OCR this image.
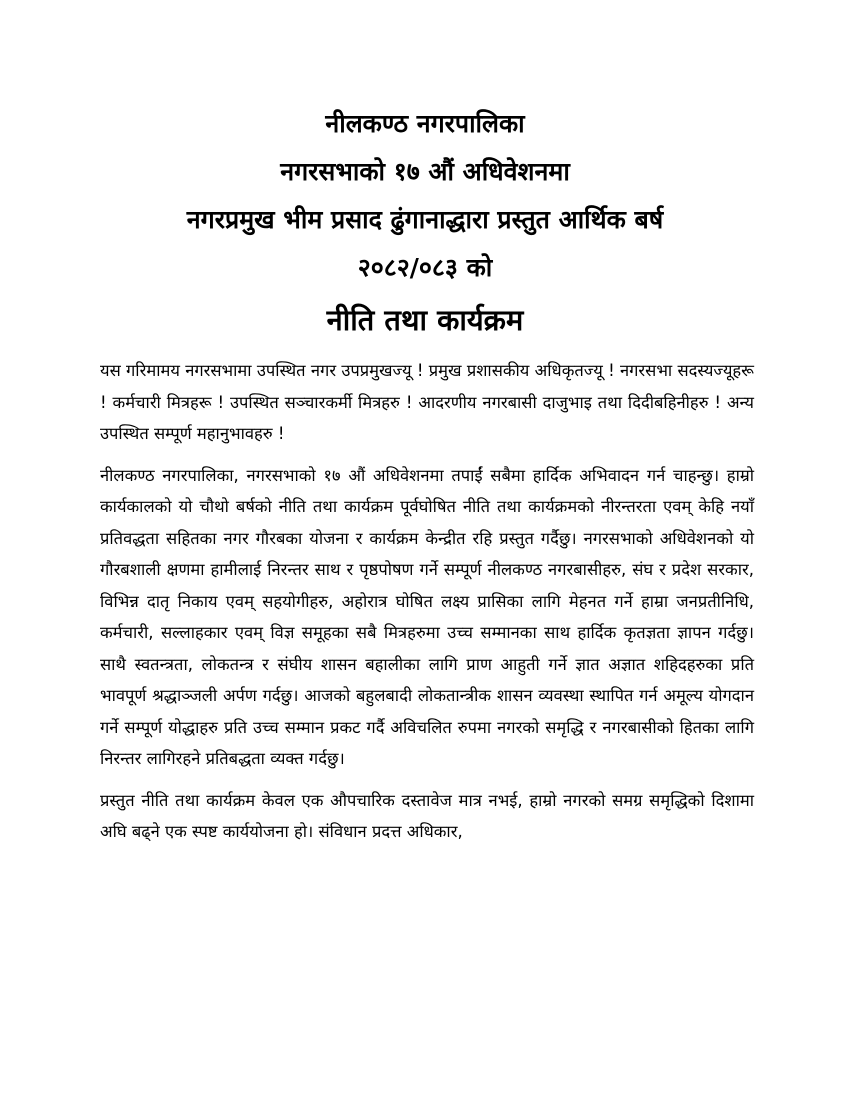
नीलकण्ठ नगरपालिका
नगरसभाको १७ औं अधिवेशनमा
नगरप्रमुख भीम प्रसाद ढुंगानाद्धारा प्रस्तुत आर्थिक बर्ष
२०८२/०८३ को
नीति तथा कार्यक्रम

यस गरिमामय नगरसभामा उपस्थित नगर उपप्रमुखज्यू ! प्रमुख प्रशासकीय अधिकृतज्यू ! नगरसभा सदस्यज्यूहरू ! कर्मचारी मित्रहरू ! उपस्थित सञ्चारकर्मी मित्रहरु ! आदरणीय नगरबासी दाजुभाइ तथा दिदीबहिनीहरु ! अन्य उपस्थित सम्पूर्ण महानुभावहरु !

नीलकण्ठ नगरपालिका, नगरसभाको १७ औं अधिवेशनमा तपाईं सबैमा हार्दिक अभिवादन गर्न चाहन्छु। हाम्रो कार्यकालको यो चौथो बर्षको नीति तथा कार्यक्रम पूर्वघोषित नीति तथा कार्यक्रमको नीरन्तरता एवम् केहि नयाँ प्रतिवद्धता सहितका नगर गौरबका योजना र कार्यक्रम केन्द्रीत रहि प्रस्तुत गर्दैछु। नगरसभाको अधिवेशनको यो गौरबशाली क्षणमा हामीलाई निरन्तर साथ र पृष्ठपोषण गर्ने सम्पूर्ण नीलकण्ठ नगरबासीहरु, संघ र प्रदेश सरकार, विभिन्न दातृ निकाय एवम् सहयोगीहरु, अहोरात्र घोषित लक्ष्य प्रासिका लागि मेहनत गर्ने हाम्रा जनप्रतीनिधि, कर्मचारी, सल्लाहकार एवम् विज्ञ समूहका सबै मित्रहरुमा उच्च सम्मानका साथ हार्दिक कृतज्ञता ज्ञापन गर्दछु। साथै स्वतन्त्रता, लोकतन्त्र र संघीय शासन बहालीका लागि प्राण आहुती गर्ने ज्ञात अज्ञात शहिदहरुका प्रति भावपूर्ण श्रद्धाञ्जली अर्पण गर्दछु। आजको बहुलबादी लोकतान्त्रीक शासन व्यवस्था स्थापित गर्न अमूल्य योगदान गर्ने सम्पूर्ण योद्धाहरु प्रति उच्च सम्मान प्रकट गर्दै अविचलित रुपमा नगरको समृद्धि र नगरबासीको हितका लागि निरन्तर लागिरहने प्रतिबद्धता व्यक्त गर्दछु।

प्रस्तुत नीति तथा कार्यक्रम केवल एक औपचारिक दस्तावेज मात्र नभई, हाम्रो नगरको समग्र समृद्धिको दिशामा अघि बढ्ने एक स्पष्ट कार्ययोजना हो। संविधान प्रदत्त अधिकार,
